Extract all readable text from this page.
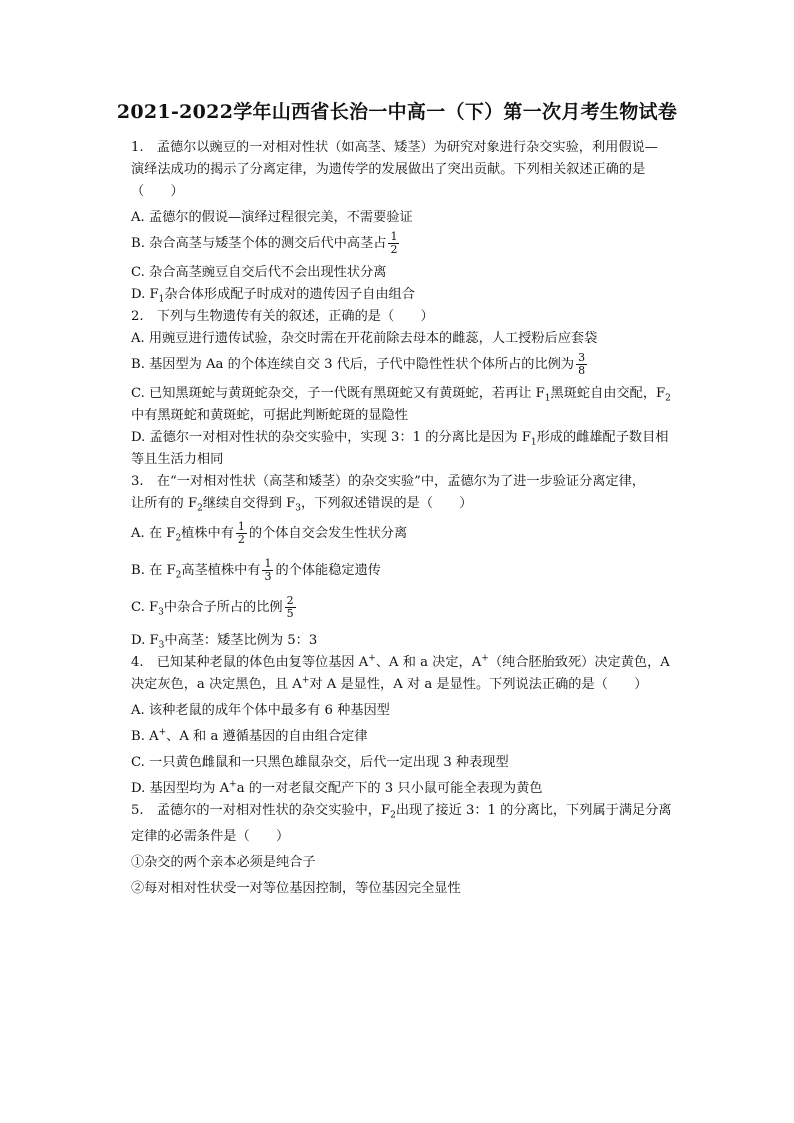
2021-2022学年山西省长治一中高一（下）第一次月考生物试卷
1.　孟德尔以豌豆的一对相对性状（如高茎、矮茎）为研究对象进行杂交实验，利用假说—
演绎法成功的揭示了分离定律，为遗传学的发展做出了突出贡献。下列相关叙述正确的是
（　　）
A. 孟德尔的假说—演绎过程很完美，不需要验证
B. 杂合高茎与矮茎个体的测交后代中高茎占 $\frac{1}{2}$
C. 杂合高茎豌豆自交后代不会出现性状分离
D. $F_1$杂合体形成配子时成对的遗传因子自由组合
2.　下列与生物遗传有关的叙述，正确的是（　　）
A. 用豌豆进行遗传试验，杂交时需在开花前除去母本的雌蕊，人工授粉后应套袋
B. 基因型为 Aa 的个体连续自交 3 代后，子代中隐性性状个体所占的比例为 $\frac{3}{8}$
C. 已知黑斑蛇与黄斑蛇杂交，子一代既有黑斑蛇又有黄斑蛇，若再让 $F_1$黑斑蛇自由交配，$F_2$
中有黑斑蛇和黄斑蛇，可据此判断蛇斑的显隐性
D. 孟德尔一对相对性状的杂交实验中，实现 3：1 的分离比是因为 $F_1$形成的雌雄配子数目相
等且生活力相同
3.　在“一对相对性状（高茎和矮茎）的杂交实验”中，孟德尔为了进一步验证分离定律，
让所有的 $F_2$继续自交得到 $F_3$，下列叙述错误的是（　　）
A. 在 $F_2$植株中有 $\frac{1}{2}$ 的个体自交会发生性状分离
B. 在 $F_2$高茎植株中有 $\frac{1}{3}$ 的个体能稳定遗传
C. $F_3$中杂合子所占的比例 $\frac{2}{5}$
D. $F_3$中高茎：矮茎比例为 5：3
4.　已知某种老鼠的体色由复等位基因 A+、A 和 a 决定，A+（纯合胚胎致死）决定黄色，A
决定灰色，a 决定黑色，且 A+对 A 是显性，A 对 a 是显性。下列说法正确的是（　　）
A. 该种老鼠的成年个体中最多有 6 种基因型
B. A+、A 和 a 遵循基因的自由组合定律
C. 一只黄色雌鼠和一只黑色雄鼠杂交，后代一定出现 3 种表现型
D. 基因型均为 A+a 的一对老鼠交配产下的 3 只小鼠可能全表现为黄色
5.　孟德尔的一对相对性状的杂交实验中，$F_2$出现了接近 3：1 的分离比，下列属于满足分离
定律的必需条件是（　　）
①杂交的两个亲本必须是纯合子
②每对相对性状受一对等位基因控制，等位基因完全显性
